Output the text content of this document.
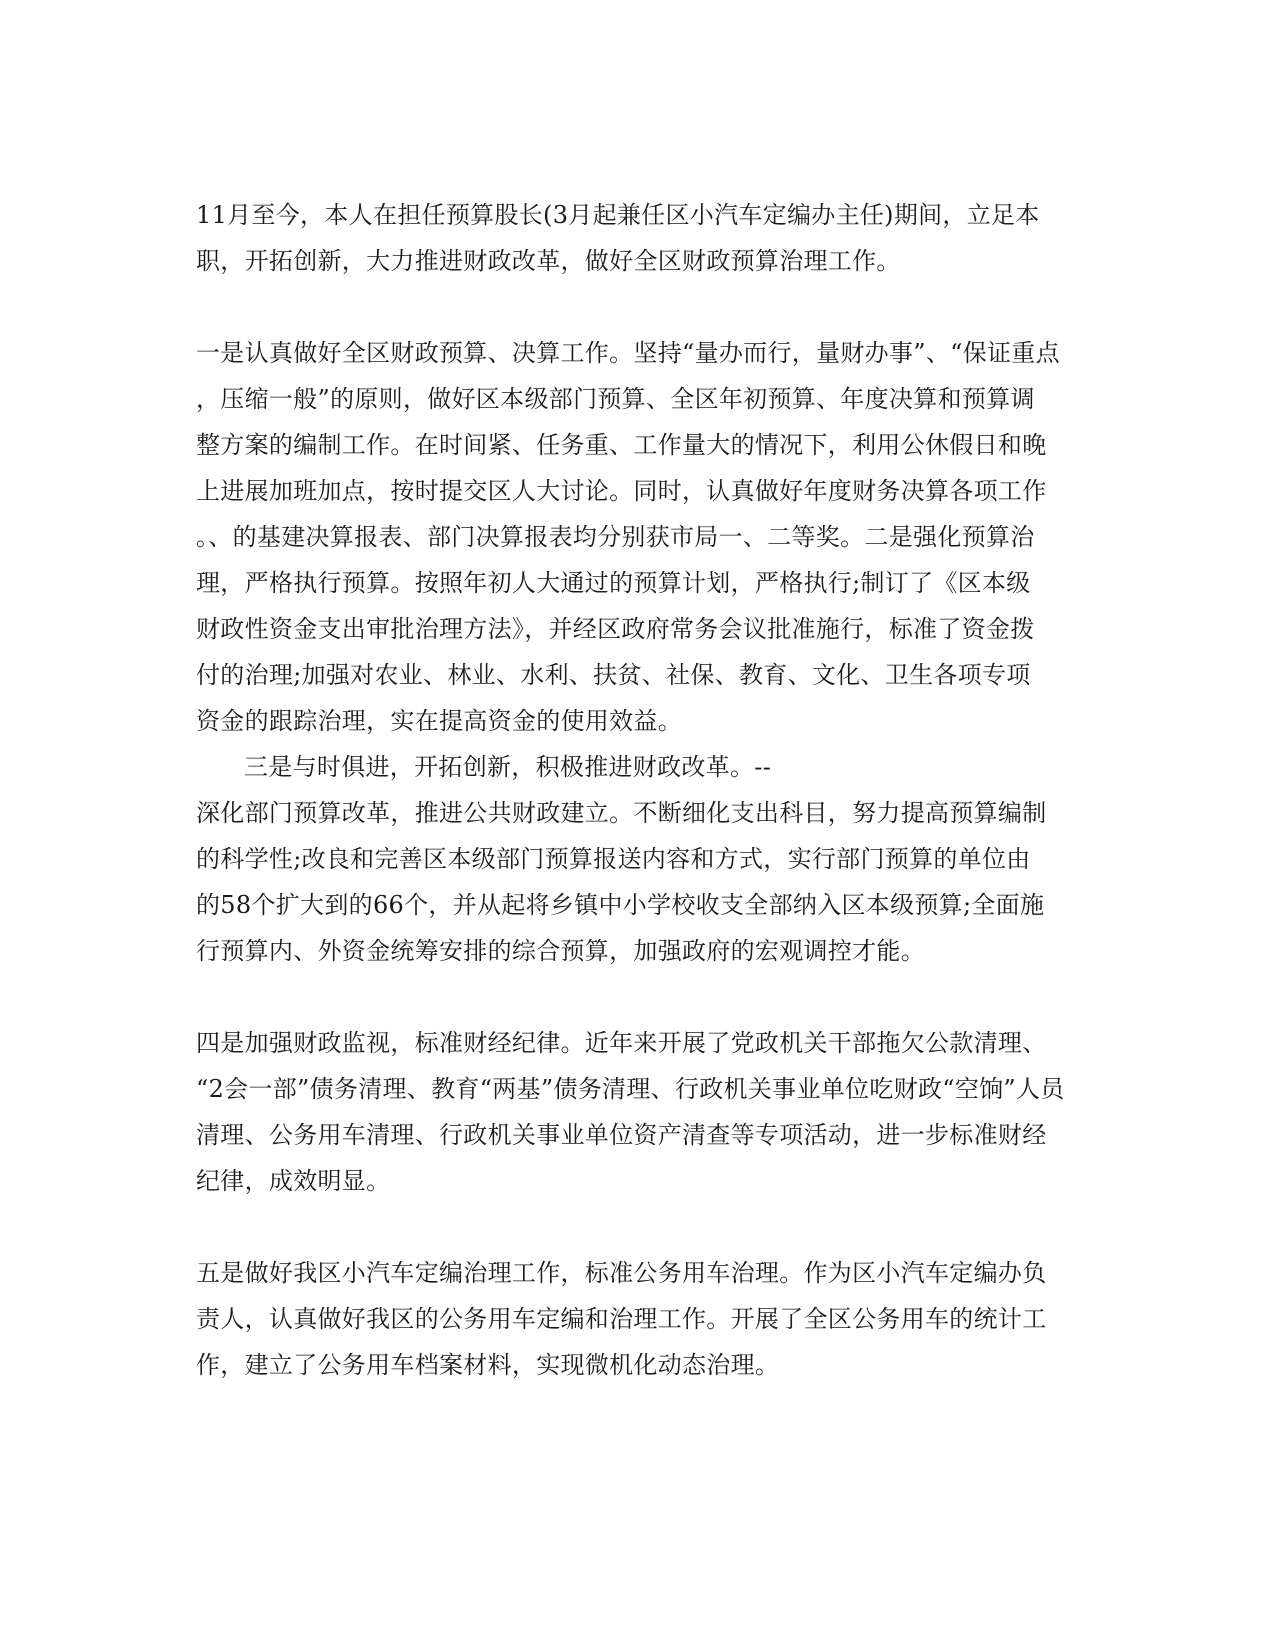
11月至今，本人在担任预算股长(3月起兼任区小汽车定编办主任)期间，立足本
职，开拓创新，大力推进财政改革，做好全区财政预算治理工作。
一是认真做好全区财政预算、决算工作。坚持“量办而行，量财办事”、“保证重点
，压缩一般”的原则，做好区本级部门预算、全区年初预算、年度决算和预算调
整方案的编制工作。在时间紧、任务重、工作量大的情况下，利用公休假日和晚
上进展加班加点，按时提交区人大讨论。同时，认真做好年度财务决算各项工作
。、的基建决算报表、部门决算报表均分别获市局一、二等奖。二是强化预算治
理，严格执行预算。按照年初人大通过的预算计划，严格执行;制订了《区本级
财政性资金支出审批治理方法》，并经区政府常务会议批准施行，标准了资金拨
付的治理;加强对农业、林业、水利、扶贫、社保、教育、文化、卫生各项专项
资金的跟踪治理，实在提高资金的使用效益。
三是与时俱进，开拓创新，积极推进财政改革。--
深化部门预算改革，推进公共财政建立。不断细化支出科目，努力提高预算编制
的科学性;改良和完善区本级部门预算报送内容和方式，实行部门预算的单位由
的58个扩大到的66个，并从起将乡镇中小学校收支全部纳入区本级预算;全面施
行预算内、外资金统筹安排的综合预算，加强政府的宏观调控才能。
四是加强财政监视，标准财经纪律。近年来开展了党政机关干部拖欠公款清理、
“2会一部”债务清理、教育“两基”债务清理、行政机关事业单位吃财政“空饷”人员
清理、公务用车清理、行政机关事业单位资产清查等专项活动，进一步标准财经
纪律，成效明显。
五是做好我区小汽车定编治理工作，标准公务用车治理。作为区小汽车定编办负
责人，认真做好我区的公务用车定编和治理工作。开展了全区公务用车的统计工
作，建立了公务用车档案材料，实现微机化动态治理。
